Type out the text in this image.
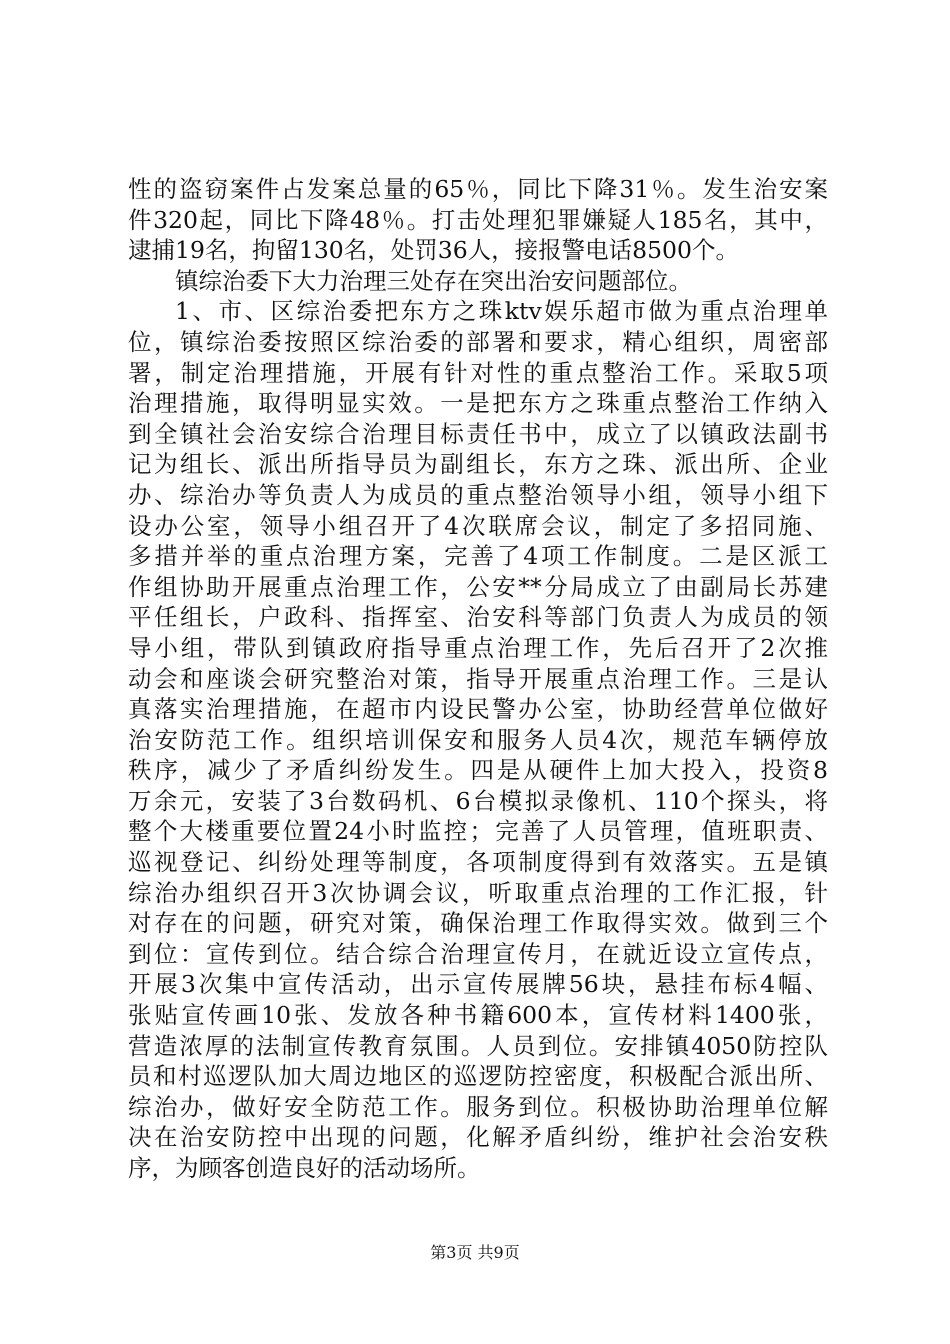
性的盗窃案件占发案总量的65％，同比下降31％。发生治安案
件320起，同比下降48％。打击处理犯罪嫌疑人185名，其中，
逮捕19名，拘留130名，处罚36人，接报警电话8500个。
镇综治委下大力治理三处存在突出治安问题部位。
1、市、区综治委把东方之珠ktv娱乐超市做为重点治理单
位，镇综治委按照区综治委的部署和要求，精心组织，周密部
署，制定治理措施，开展有针对性的重点整治工作。采取5项
治理措施，取得明显实效。一是把东方之珠重点整治工作纳入
到全镇社会治安综合治理目标责任书中，成立了以镇政法副书
记为组长、派出所指导员为副组长，东方之珠、派出所、企业
办、综治办等负责人为成员的重点整治领导小组，领导小组下
设办公室，领导小组召开了4次联席会议，制定了多招同施、
多措并举的重点治理方案，完善了4项工作制度。二是区派工
作组协助开展重点治理工作，公安**分局成立了由副局长苏建
平任组长，户政科、指挥室、治安科等部门负责人为成员的领
导小组，带队到镇政府指导重点治理工作，先后召开了2次推
动会和座谈会研究整治对策，指导开展重点治理工作。三是认
真落实治理措施，在超市内设民警办公室，协助经营单位做好
治安防范工作。组织培训保安和服务人员4次，规范车辆停放
秩序，减少了矛盾纠纷发生。四是从硬件上加大投入，投资8
万余元，安装了3台数码机、6台模拟录像机、110个探头，将
整个大楼重要位置24小时监控；完善了人员管理，值班职责、
巡视登记、纠纷处理等制度，各项制度得到有效落实。五是镇
综治办组织召开3次协调会议，听取重点治理的工作汇报，针
对存在的问题，研究对策，确保治理工作取得实效。做到三个
到位：宣传到位。结合综合治理宣传月，在就近设立宣传点，
开展3次集中宣传活动，出示宣传展牌56块，悬挂布标4幅、
张贴宣传画10张、发放各种书籍600本，宣传材料1400张，
营造浓厚的法制宣传教育氛围。人员到位。安排镇4050防控队
员和村巡逻队加大周边地区的巡逻防控密度，积极配合派出所、
综治办，做好安全防范工作。服务到位。积极协助治理单位解
决在治安防控中出现的问题，化解矛盾纠纷，维护社会治安秩
序，为顾客创造良好的活动场所。
第3页 共9页
